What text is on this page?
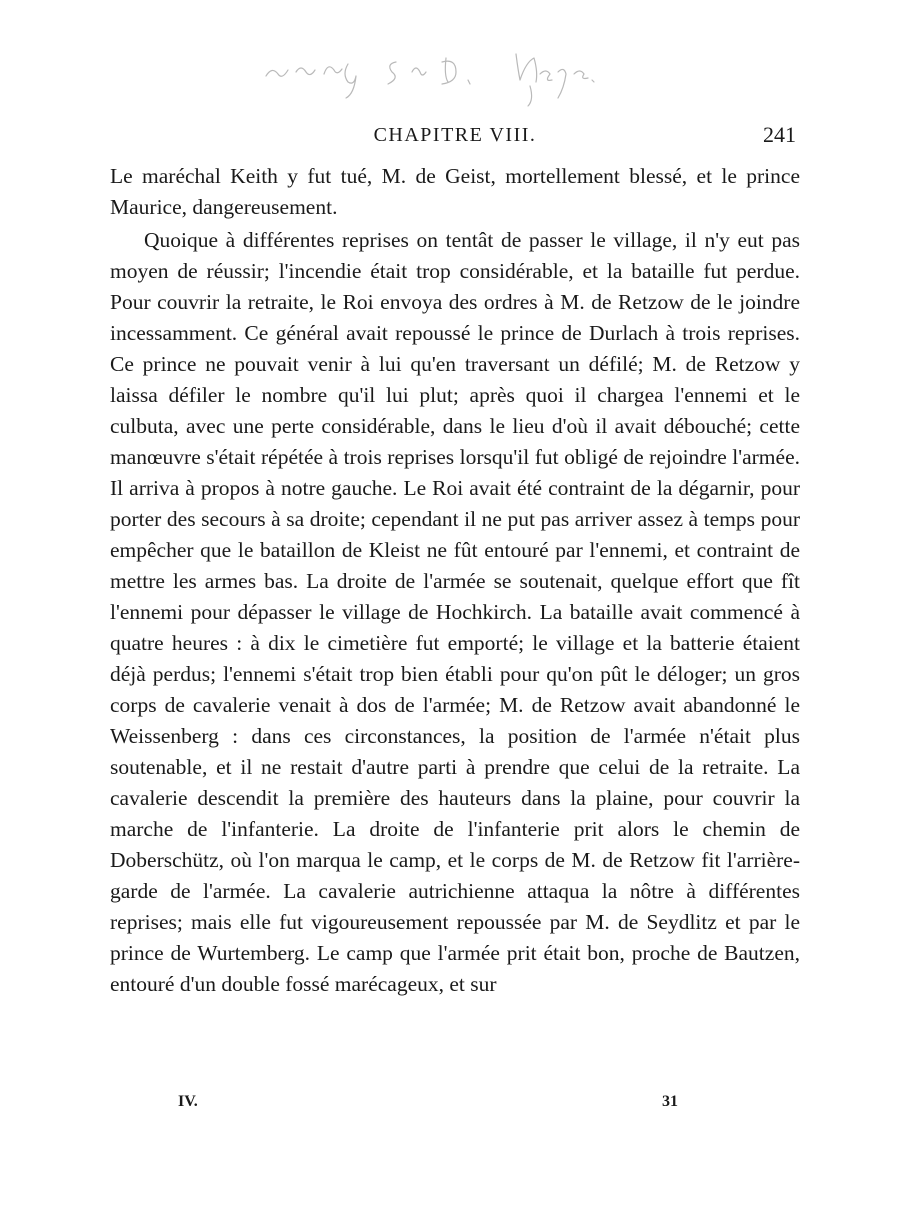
CHAPITRE VIII.	241

Le maréchal Keith y fut tué, M. de Geist, mortellement blessé, et le prince Maurice, dangereusement.

Quoique à différentes reprises on tentât de passer le village, il n'y eut pas moyen de réussir; l'incendie était trop considérable, et la bataille fut perdue. Pour couvrir la retraite, le Roi envoya des ordres à M. de Retzow de le joindre incessamment. Ce général avait repoussé le prince de Durlach à trois reprises. Ce prince ne pouvait venir à lui qu'en traversant un défilé; M. de Retzow y laissa défiler le nombre qu'il lui plut; après quoi il chargea l'ennemi et le culbuta, avec une perte considérable, dans le lieu d'où il avait débouché; cette manœuvre s'était répétée à trois reprises lorsqu'il fut obligé de rejoindre l'armée. Il arriva à propos à notre gauche. Le Roi avait été contraint de la dégarnir, pour porter des secours à sa droite; cependant il ne put pas arriver assez à temps pour empêcher que le bataillon de Kleist ne fût entouré par l'ennemi, et contraint de mettre les armes bas. La droite de l'armée se soutenait, quelque effort que fît l'ennemi pour dépasser le village de Hochkirch. La bataille avait commencé à quatre heures : à dix le cimetière fut emporté; le village et la batterie étaient déjà perdus; l'ennemi s'était trop bien établi pour qu'on pût le déloger; un gros corps de cavalerie venait à dos de l'armée; M. de Retzow avait abandonné le Weissenberg : dans ces circonstances, la position de l'armée n'était plus soutenable, et il ne restait d'autre parti à prendre que celui de la retraite. La cavalerie descendit la première des hauteurs dans la plaine, pour couvrir la marche de l'infanterie. La droite de l'infanterie prit alors le chemin de Doberschütz, où l'on marqua le camp, et le corps de M. de Retzow fit l'arrière-garde de l'armée. La cavalerie autrichienne attaqua la nôtre à différentes reprises; mais elle fut vigoureusement repoussée par M. de Seydlitz et par le prince de Wurtemberg. Le camp que l'armée prit était bon, proche de Bautzen, entouré d'un double fossé marécageux, et sur

IV.	31
